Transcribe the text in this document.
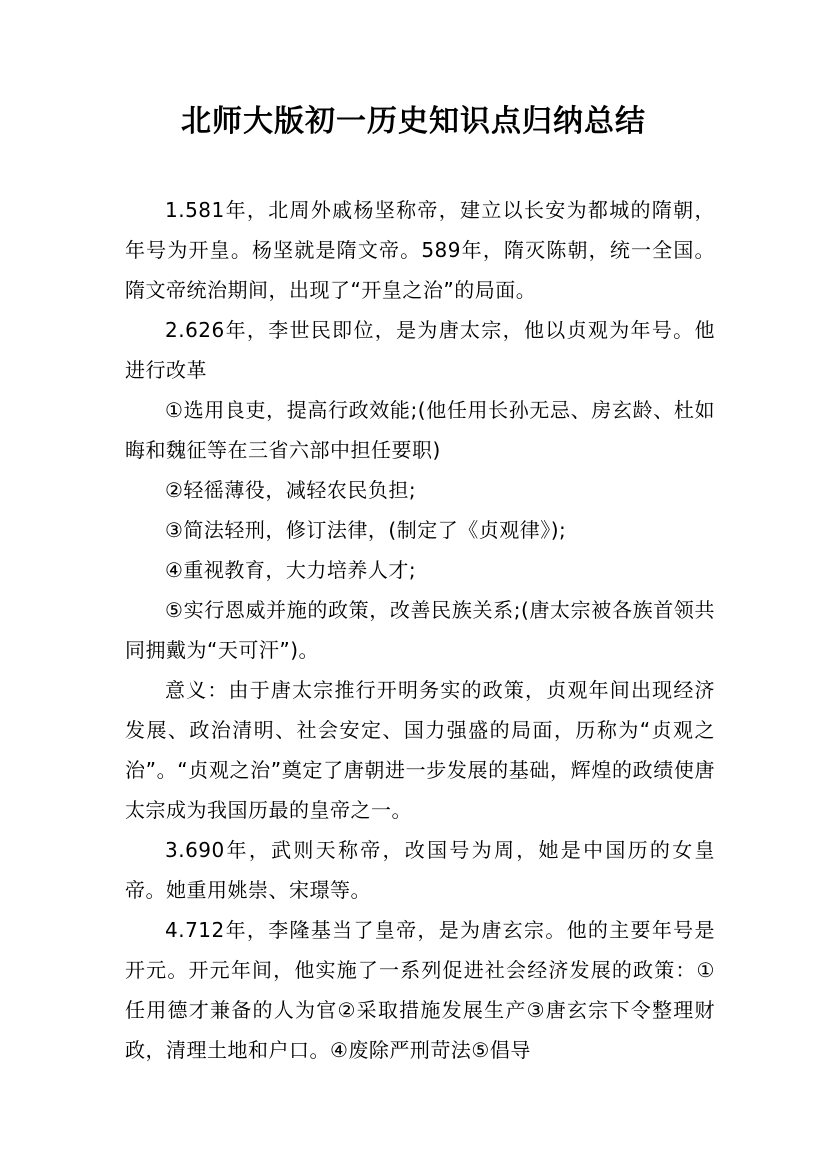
北师大版初一历史知识点归纳总结

1.581年，北周外戚杨坚称帝，建立以长安为都城的隋朝，年号为开皇。杨坚就是隋文帝。589年，隋灭陈朝，统一全国。隋文帝统治期间，出现了“开皇之治”的局面。

2.626年，李世民即位，是为唐太宗，他以贞观为年号。他进行改革

①选用良吏，提高行政效能;(他任用长孙无忌、房玄龄、杜如晦和魏征等在三省六部中担任要职)

②轻徭薄役，减轻农民负担;

③简法轻刑，修订法律，(制定了《贞观律》);

④重视教育，大力培养人才;

⑤实行恩威并施的政策，改善民族关系;(唐太宗被各族首领共同拥戴为“天可汗”)。

意义：由于唐太宗推行开明务实的政策，贞观年间出现经济发展、政治清明、社会安定、国力强盛的局面，历称为“贞观之治”。“贞观之治”奠定了唐朝进一步发展的基础，辉煌的政绩使唐太宗成为我国历最的皇帝之一。

3.690年，武则天称帝，改国号为周，她是中国历的女皇帝。她重用姚崇、宋璟等。

4.712年，李隆基当了皇帝，是为唐玄宗。他的主要年号是开元。开元年间，他实施了一系列促进社会经济发展的政策：①任用德才兼备的人为官②采取措施发展生产③唐玄宗下令整理财政，清理土地和户口。④废除严刑苛法⑤倡导
